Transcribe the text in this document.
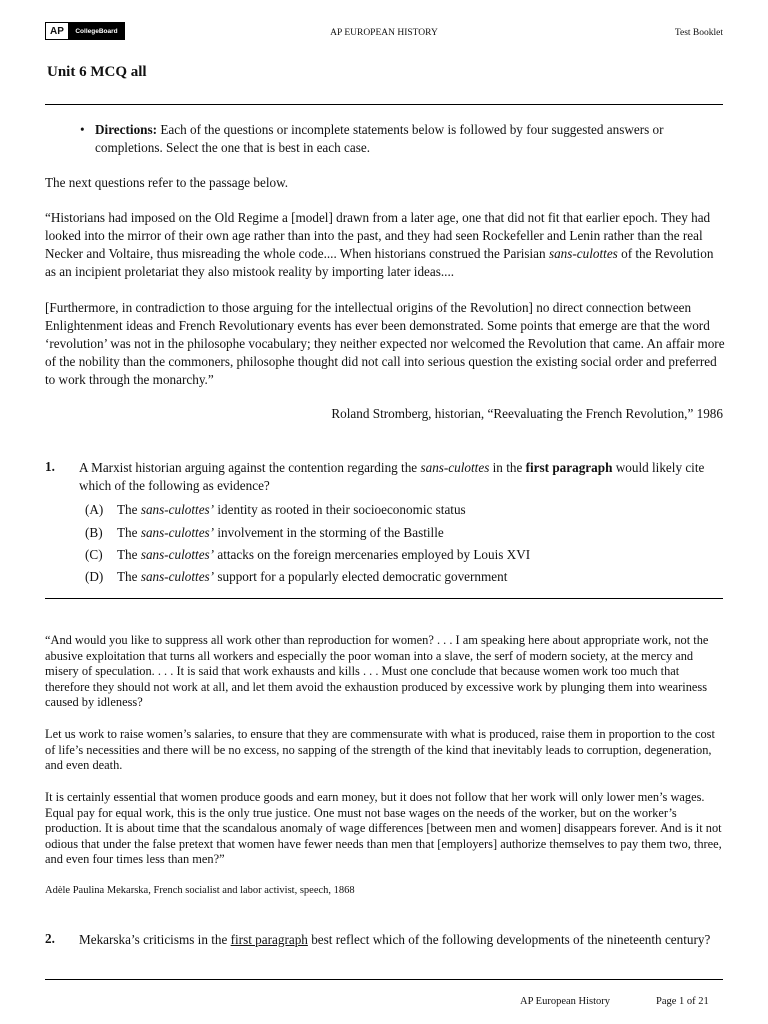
AP	CollegeBoard	AP EUROPEAN HISTORY	Test Booklet
Unit 6 MCQ all
• Directions: Each of the questions or incomplete statements below is followed by four suggested answers or completions. Select the one that is best in each case.
The next questions refer to the passage below.
“Historians had imposed on the Old Regime a [model] drawn from a later age, one that did not fit that earlier epoch. They had looked into the mirror of their own age rather than into the past, and they had seen Rockefeller and Lenin rather than the real Necker and Voltaire, thus misreading the whole code.... When historians construed the Parisian sans-culottes of the Revolution as an incipient proletariat they also mistook reality by importing later ideas....
[Furthermore, in contradiction to those arguing for the intellectual origins of the Revolution] no direct connection between Enlightenment ideas and French Revolutionary events has ever been demonstrated. Some points that emerge are that the word ‘revolution’ was not in the philosophe vocabulary; they neither expected nor welcomed the Revolution that came. An affair more of the nobility than the commoners, philosophe thought did not call into serious question the existing social order and preferred to work through the monarchy.”
Roland Stromberg, historian, “Reevaluating the French Revolution,” 1986
1. A Marxist historian arguing against the contention regarding the sans-culottes in the first paragraph would likely cite which of the following as evidence?
(A)	The sans-culottes’ identity as rooted in their socioeconomic status
(B)	The sans-culottes’ involvement in the storming of the Bastille
(C)	The sans-culottes’ attacks on the foreign mercenaries employed by Louis XVI
(D)	The sans-culottes’ support for a popularly elected democratic government
“And would you like to suppress all work other than reproduction for women? . . . I am speaking here about appropriate work, not the abusive exploitation that turns all workers and especially the poor woman into a slave, the serf of modern society, at the mercy and misery of speculation. . . . It is said that work exhausts and kills . . . Must one conclude that because women work too much that therefore they should not work at all, and let them avoid the exhaustion produced by excessive work by plunging them into weariness caused by idleness?
Let us work to raise women’s salaries, to ensure that they are commensurate with what is produced, raise them in proportion to the cost of life’s necessities and there will be no excess, no sapping of the strength of the kind that inevitably leads to corruption, degeneration, and even death.
It is certainly essential that women produce goods and earn money, but it does not follow that her work will only lower men’s wages. Equal pay for equal work, this is the only true justice. One must not base wages on the needs of the worker, but on the worker’s production. It is about time that the scandalous anomaly of wage differences [between men and women] disappears forever. And is it not odious that under the false pretext that women have fewer needs than men that [employers] authorize themselves to pay them two, three, and even four times less than men?”
Adèle Paulina Mekarska, French socialist and labor activist, speech, 1868
2. Mekarska’s criticisms in the first paragraph best reflect which of the following developments of the nineteenth century?
AP European History	Page 1 of 21
